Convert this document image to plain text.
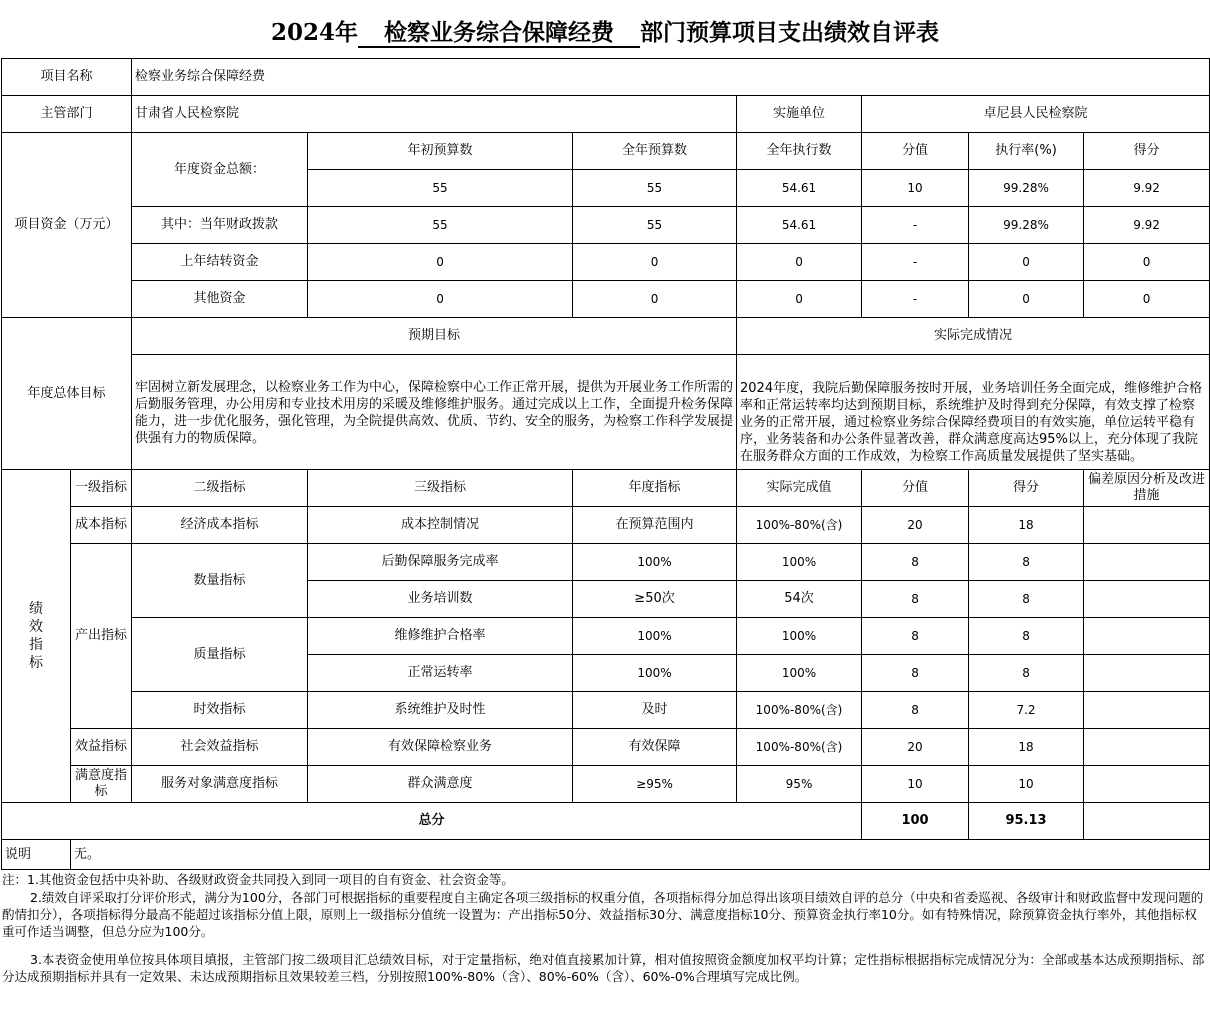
2024年 检察业务综合保障经费 部门预算项目支出绩效自评表
项目名称		检察业务综合保障经费						
主管部门		甘肃省人民检察院			实施单位	卓尼县人民检察院		
项目资金（万元）		年度资金总额：	年初预算数	全年预算数	全年执行数	分值	执行率(%)	得分
			55	55	54.61	10	99.28%	9.92
		其中：当年财政拨款	55	55	54.61	-	99.28%	9.92
		上年结转资金	0	0	0	-	0	0
		其他资金	0	0	0	-	0	0
年度总体目标		预期目标			实际完成情况			
		牢固树立新发展理念，以检察业务工作为中心，保障检察中心工作正常开展，提供为开展业务工作所需的后勤服务管理，办公用房和专业技术用房的采暖及维修维护服务。通过完成以上工作，全面提升检务保障能力，进一步优化服务，强化管理，为全院提供高效、优质、节约、安全的服务，为检察工作科学发展提供强有力的物质保障。			2024年度，我院后勤保障服务按时开展，业务培训任务全面完成，维修维护合格率和正常运转率均达到预期目标，系统维护及时得到充分保障，有效支撑了检察业务的正常开展，通过检察业务综合保障经费项目的有效实施，单位运转平稳有序，业务装备和办公条件显著改善，群众满意度高达95%以上，充分体现了我院在服务群众方面的工作成效，为检察工作高质量发展提供了坚实基础。			

绩效指标	一级指标	二级指标	三级指标	年度指标	实际完成值	分值	得分	偏差原因分析及改进措施
	成本指标	经济成本指标	成本控制情况	在预算范围内	100%-80%(含)	20	18	
	产出指标	数量指标	后勤保障服务完成率	100%	100%	8	8	
			业务培训数	≥50次	54次	8	8	
		质量指标	维修维护合格率	100%	100%	8	8	
			正常运转率	100%	100%	8	8	
		时效指标	系统维护及时性	及时	100%-80%(含)	8	7.2	
	效益指标	社会效益指标	有效保障检察业务	有效保障	100%-80%(含)	20	18	
	满意度指标	服务对象满意度指标	群众满意度	≥95%	95%	10	10	
总分						100	95.13	
说明	无。							

注：1.其他资金包括中央补助、各级财政资金共同投入到同一项目的自有资金、社会资金等。

2.绩效自评采取打分评价形式，满分为100分，各部门可根据指标的重要程度自主确定各项三级指标的权重分值，各项指标得分加总得出该项目绩效自评的总分（中央和省委巡视、各级审计和财政监督中发现问题的酌情扣分），各项指标得分最高不能超过该指标分值上限，原则上一级指标分值统一设置为：产出指标50分、效益指标30分、满意度指标10分、预算资金执行率10分。如有特殊情况，除预算资金执行率外，其他指标权重可作适当调整，但总分应为100分。

3.本表资金使用单位按具体项目填报，主管部门按二级项目汇总绩效目标，对于定量指标，绝对值直接累加计算，相对值按照资金额度加权平均计算；定性指标根据指标完成情况分为：全部或基本达成预期指标、部分达成预期指标并具有一定效果、未达成预期指标且效果较差三档，分别按照100%-80%（含）、80%-60%（含）、60%-0%合理填写完成比例。
